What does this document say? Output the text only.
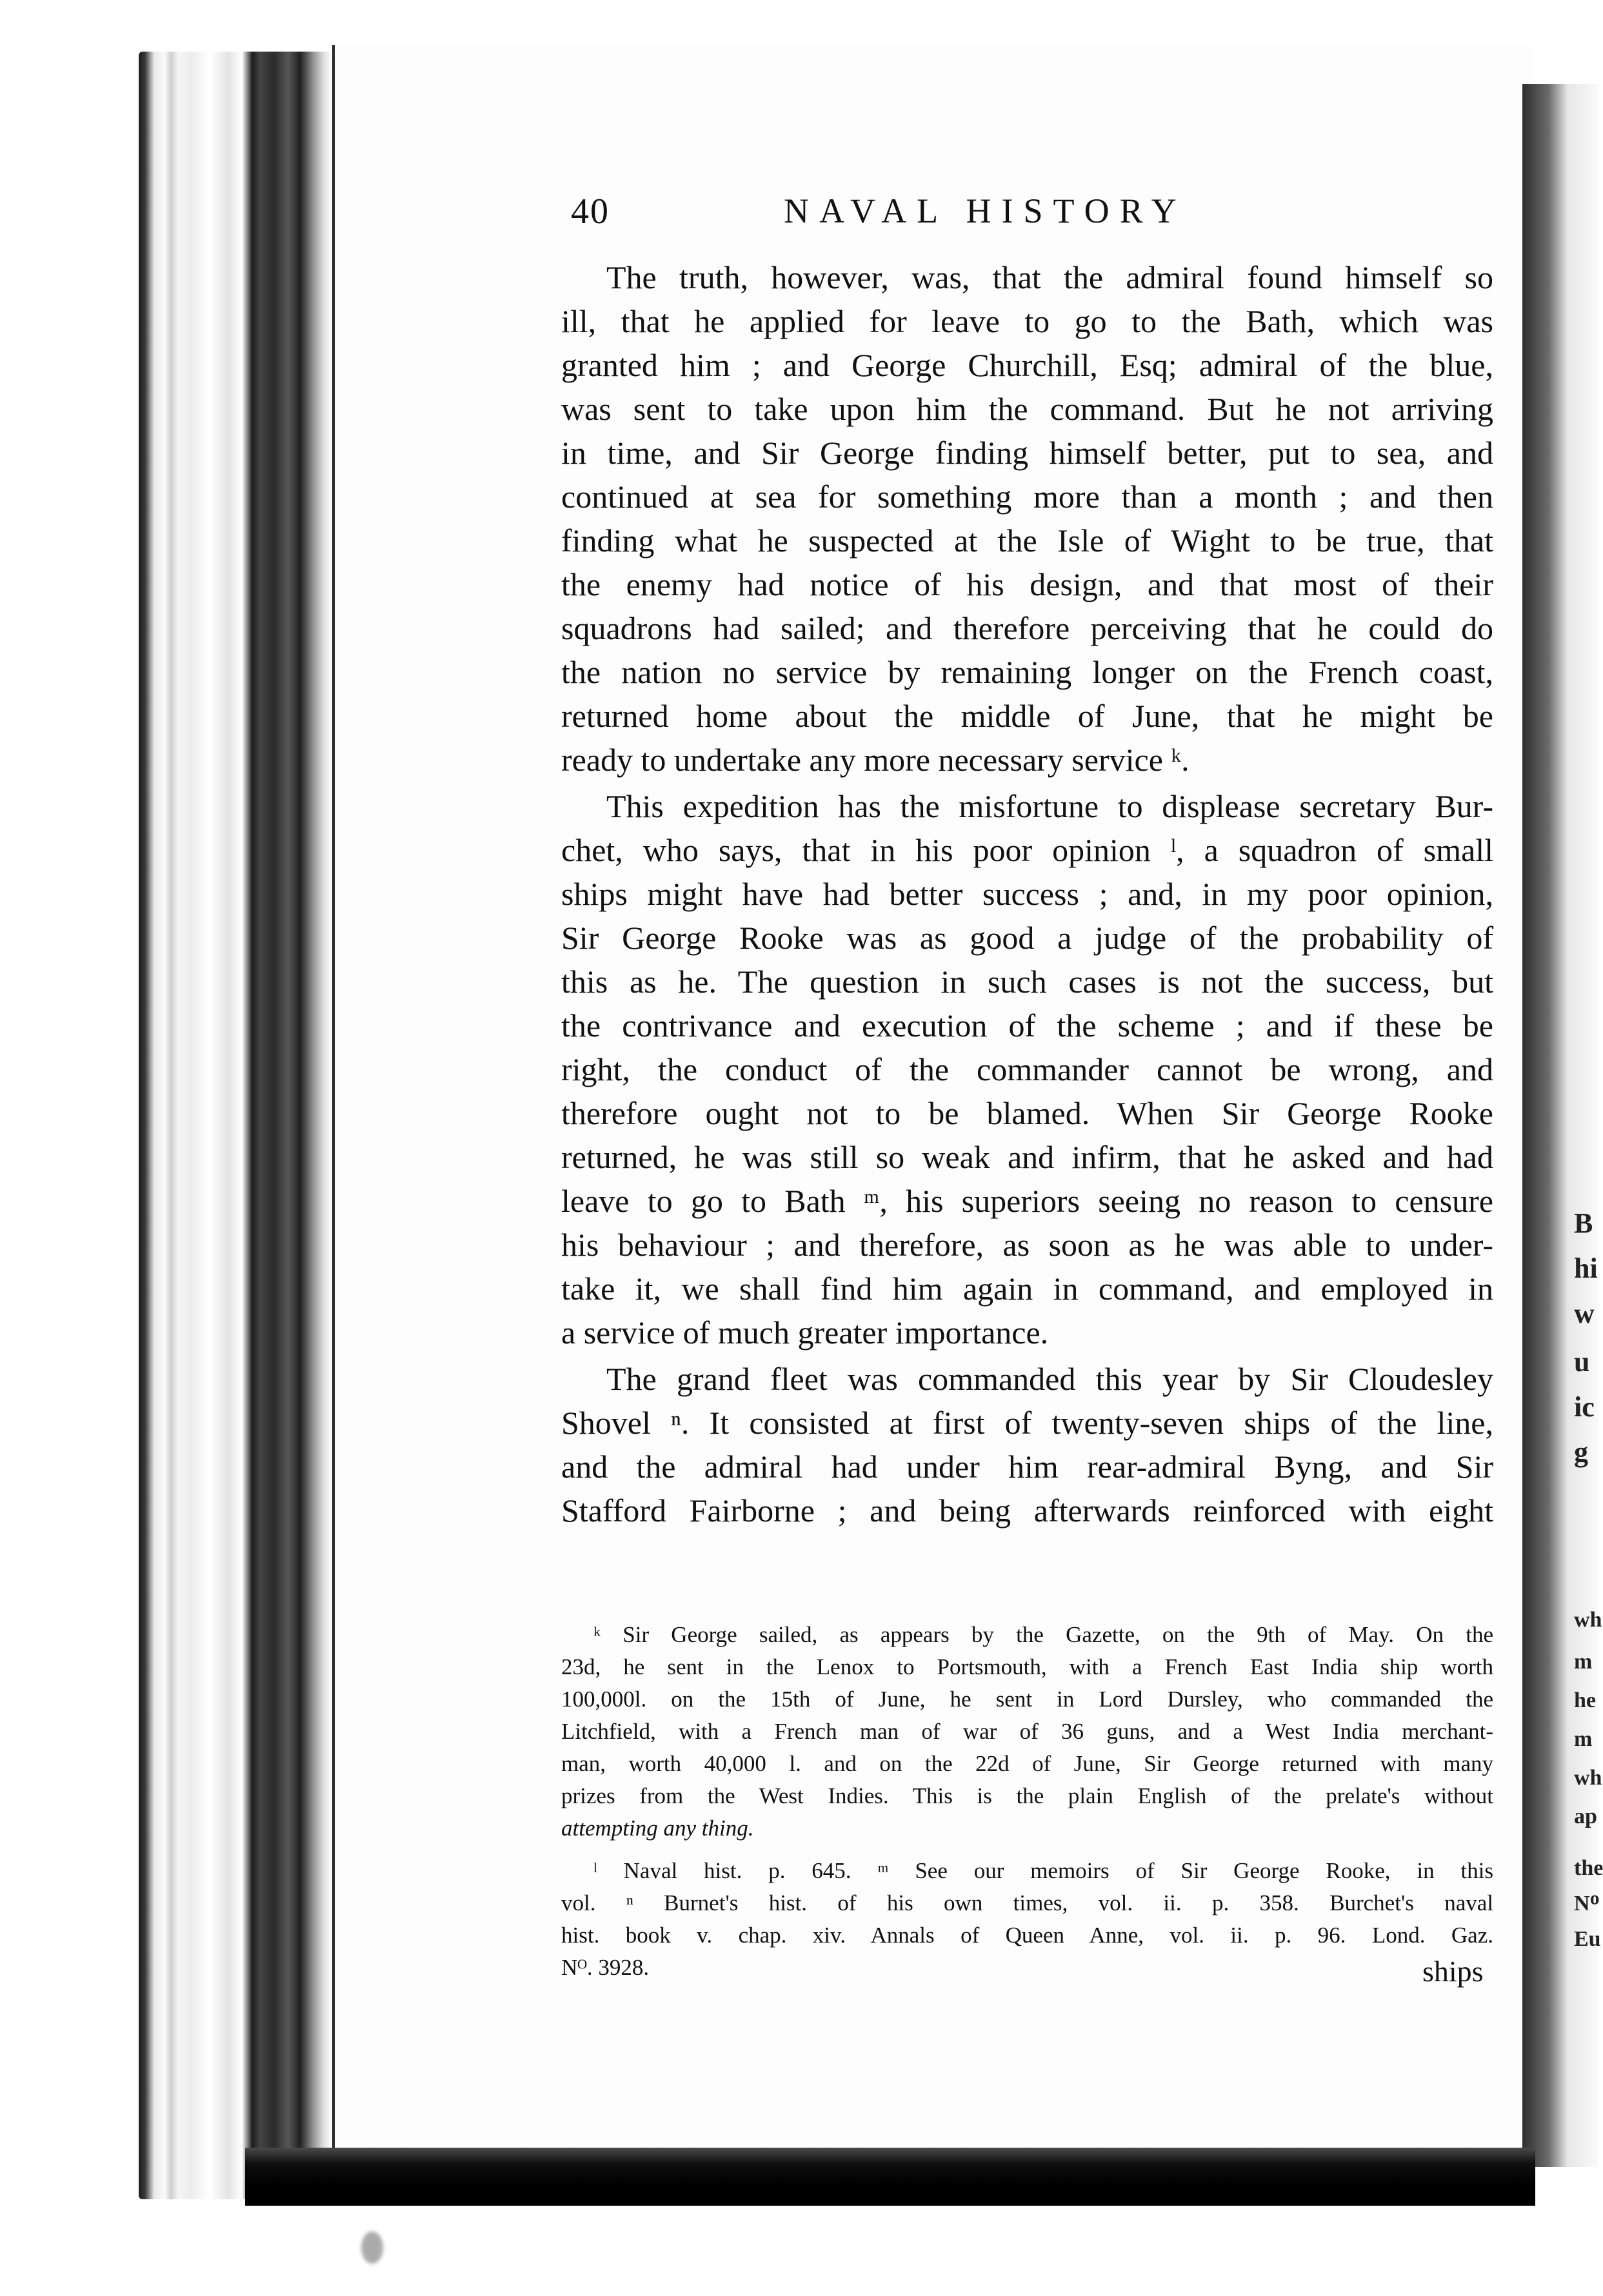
B
hi
w
u
ic
g
wh
m
he
m
wh
ap
the
Nᴼ
Eu
40	NAVAL HISTORY
The truth, however, was, that the admiral found himself so
ill, that he applied for leave to go to the Bath, which was
granted him ; and George Churchill, Esq; admiral of the blue,
was sent to take upon him the command. But he not arriving
in time, and Sir George finding himself better, put to sea, and
continued at sea for something more than a month ; and then
finding what he suspected at the Isle of Wight to be true, that
the enemy had notice of his design, and that most of their
squadrons had sailed; and therefore perceiving that he could do
the nation no service by remaining longer on the French coast,
returned home about the middle of June, that he might be
ready to undertake any more necessary service ᵏ.
This expedition has the misfortune to displease secretary Bur-
chet, who says, that in his poor opinion ˡ, a squadron of small
ships might have had better success ; and, in my poor opinion,
Sir George Rooke was as good a judge of the probability of
this as he. The question in such cases is not the success, but
the contrivance and execution of the scheme ; and if these be
right, the conduct of the commander cannot be wrong, and
therefore ought not to be blamed. When Sir George Rooke
returned, he was still so weak and infirm, that he asked and had
leave to go to Bath ᵐ, his superiors seeing no reason to censure
his behaviour ; and therefore, as soon as he was able to under-
take it, we shall find him again in command, and employed in
a service of much greater importance.
The grand fleet was commanded this year by Sir Cloudesley
Shovel ⁿ. It consisted at first of twenty-seven ships of the line,
and the admiral had under him rear-admiral Byng, and Sir
Stafford Fairborne ; and being afterwards reinforced with eight
ᵏ Sir George sailed, as appears by the Gazette, on the 9th of May. On the
23d, he sent in the Lenox to Portsmouth, with a French East India ship worth
100,000l. on the 15th of June, he sent in Lord Dursley, who commanded the
Litchfield, with a French man of war of 36 guns, and a West India merchant-
man, worth 40,000 l. and on the 22d of June, Sir George returned with many
prizes from the West Indies. This is the plain English of the prelate's without
attempting any thing.
ˡ Naval hist. p. 645. ᵐ See our memoirs of Sir George Rooke, in this
vol. ⁿ Burnet's hist. of his own times, vol. ii. p. 358. Burchet's naval
hist. book v. chap. xiv. Annals of Queen Anne, vol. ii. p. 96. Lond. Gaz.
Nᴼ. 3928.	ships
